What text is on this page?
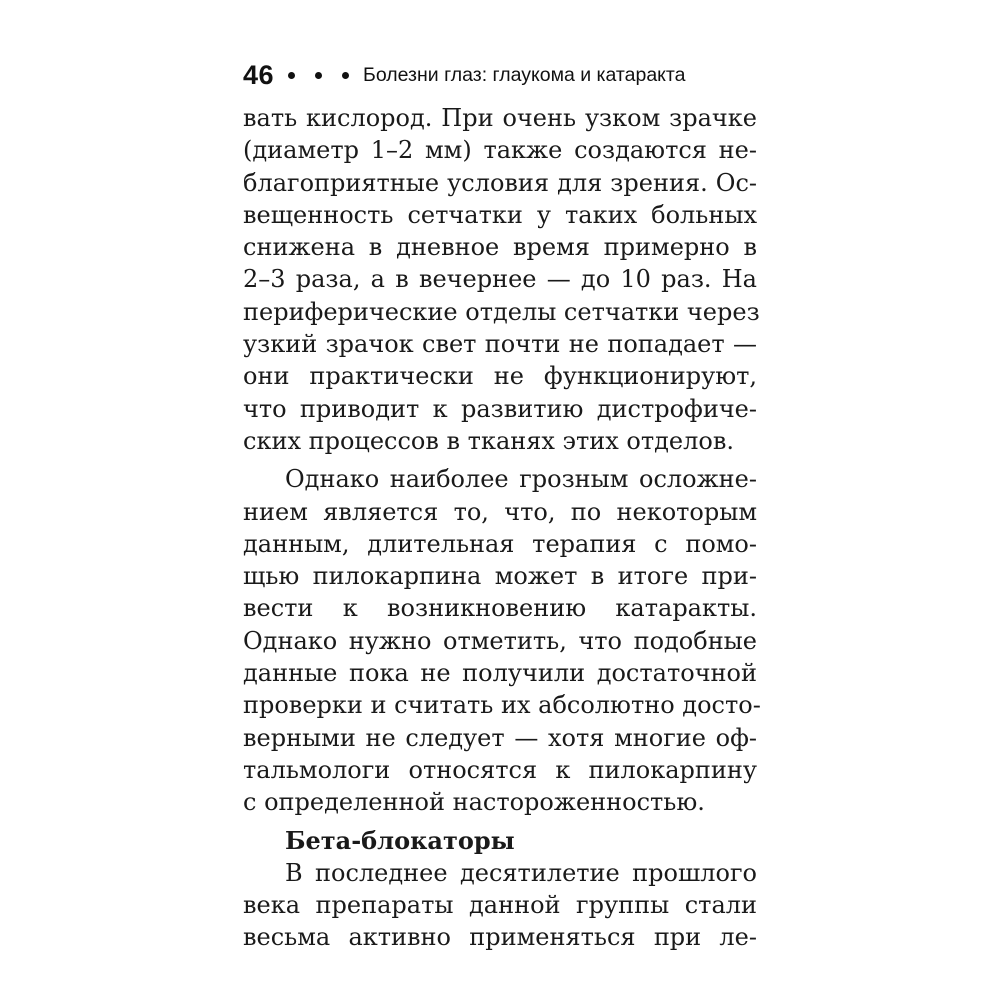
46	Болезни глаз: глаукома и катаракта
вать кислород. При очень узком зрачке
(диаметр 1–2 мм) также создаются не-
благоприятные условия для зрения. Ос-
вещенность сетчатки у таких больных
снижена в дневное время примерно в
2–3 раза, а в вечернее — до 10 раз. На
периферические отделы сетчатки через
узкий зрачок свет почти не попадает —
они практически не функционируют,
что приводит к развитию дистрофиче-
ских процессов в тканях этих отделов.
Однако наиболее грозным осложне-
нием является то, что, по некоторым
данным, длительная терапия с помо-
щью пилокарпина может в итоге при-
вести к возникновению катаракты.
Однако нужно отметить, что подобные
данные пока не получили достаточной
проверки и считать их абсолютно досто-
верными не следует — хотя многие оф-
тальмологи относятся к пилокарпину
с определенной настороженностью.
Бета-блокаторы
В последнее десятилетие прошлого
века препараты данной группы стали
весьма активно применяться при ле-
